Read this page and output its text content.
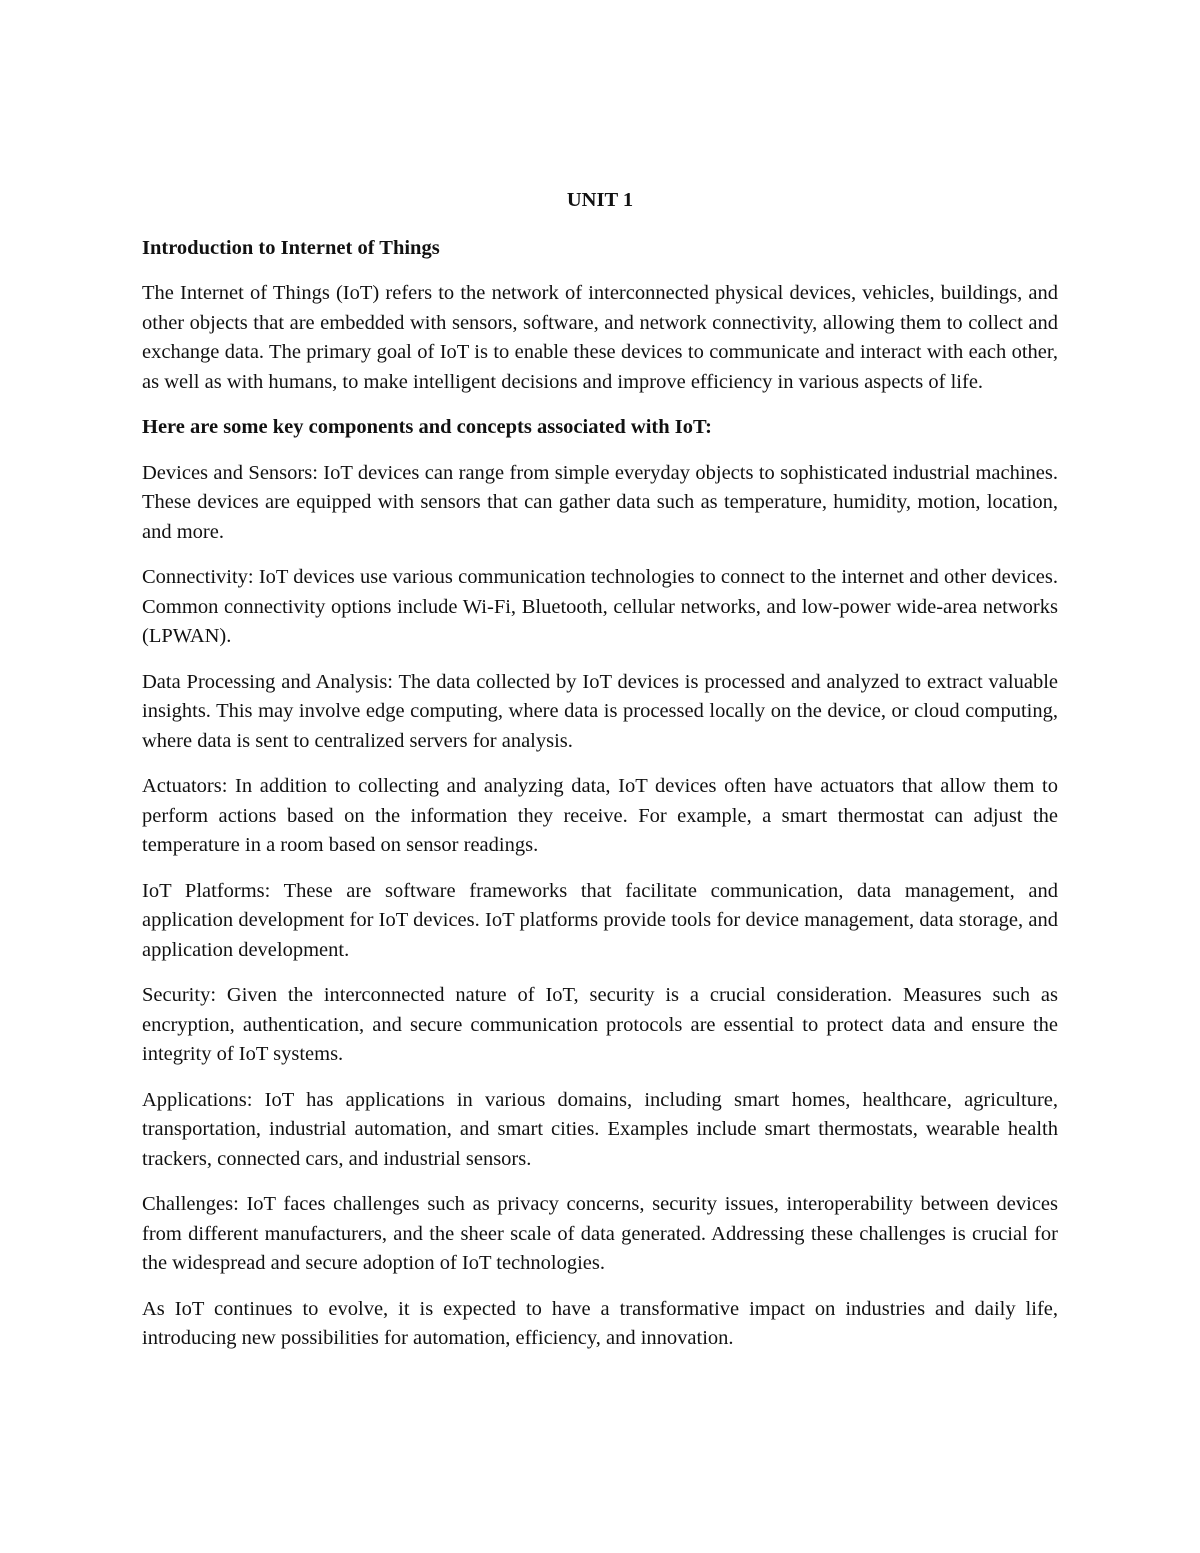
UNIT 1
Introduction to Internet of Things
The Internet of Things (IoT) refers to the network of interconnected physical devices, vehicles, buildings, and other objects that are embedded with sensors, software, and network connectivity, allowing them to collect and exchange data. The primary goal of IoT is to enable these devices to communicate and interact with each other, as well as with humans, to make intelligent decisions and improve efficiency in various aspects of life.
Here are some key components and concepts associated with IoT:
Devices and Sensors: IoT devices can range from simple everyday objects to sophisticated industrial machines. These devices are equipped with sensors that can gather data such as temperature, humidity, motion, location, and more.
Connectivity: IoT devices use various communication technologies to connect to the internet and other devices. Common connectivity options include Wi-Fi, Bluetooth, cellular networks, and low-power wide-area networks (LPWAN).
Data Processing and Analysis: The data collected by IoT devices is processed and analyzed to extract valuable insights. This may involve edge computing, where data is processed locally on the device, or cloud computing, where data is sent to centralized servers for analysis.
Actuators: In addition to collecting and analyzing data, IoT devices often have actuators that allow them to perform actions based on the information they receive. For example, a smart thermostat can adjust the temperature in a room based on sensor readings.
IoT Platforms: These are software frameworks that facilitate communication, data management, and application development for IoT devices. IoT platforms provide tools for device management, data storage, and application development.
Security: Given the interconnected nature of IoT, security is a crucial consideration. Measures such as encryption, authentication, and secure communication protocols are essential to protect data and ensure the integrity of IoT systems.
Applications: IoT has applications in various domains, including smart homes, healthcare, agriculture, transportation, industrial automation, and smart cities. Examples include smart thermostats, wearable health trackers, connected cars, and industrial sensors.
Challenges: IoT faces challenges such as privacy concerns, security issues, interoperability between devices from different manufacturers, and the sheer scale of data generated. Addressing these challenges is crucial for the widespread and secure adoption of IoT technologies.
As IoT continues to evolve, it is expected to have a transformative impact on industries and daily life, introducing new possibilities for automation, efficiency, and innovation.
